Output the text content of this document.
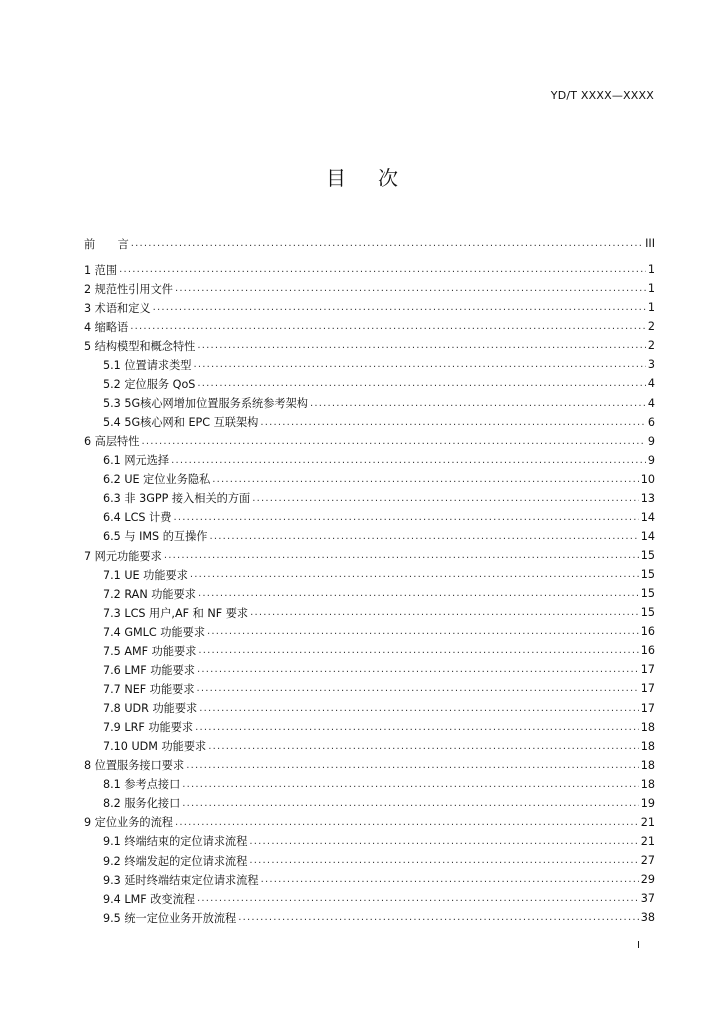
YD/T XXXX—XXXX
目次
前　　言 .....	III
1 范围 .....	1
2 规范性引用文件 .....	1
3 术语和定义 .....	1
4 缩略语 .....	2
5 结构模型和概念特性 .....	2
5.1 位置请求类型 .....	3
5.2 定位服务 QoS .....	4
5.3 5G核心网增加位置服务系统参考架构 .....	4
5.4 5G核心网和 EPC 互联架构 .....	6
6 高层特性 .....	9
6.1 网元选择 .....	9
6.2 UE 定位业务隐私 .....	10
6.3 非 3GPP 接入相关的方面 .....	13
6.4 LCS 计费 .....	14
6.5 与 IMS 的互操作 .....	14
7 网元功能要求 .....	15
7.1 UE 功能要求 .....	15
7.2 RAN 功能要求 .....	15
7.3 LCS 用户,AF 和 NF 要求 .....	15
7.4 GMLC 功能要求 .....	16
7.5 AMF 功能要求 .....	16
7.6 LMF 功能要求 .....	17
7.7 NEF 功能要求 .....	17
7.8 UDR 功能要求 .....	17
7.9 LRF 功能要求 .....	18
7.10 UDM 功能要求 .....	18
8 位置服务接口要求 .....	18
8.1 参考点接口 .....	18
8.2 服务化接口 .....	19
9 定位业务的流程 .....	21
9.1 终端结束的定位请求流程 .....	21
9.2 终端发起的定位请求流程 .....	27
9.3 延时终端结束定位请求流程 .....	29
9.4 LMF 改变流程 .....	37
9.5 统一定位业务开放流程 .....	38
I
